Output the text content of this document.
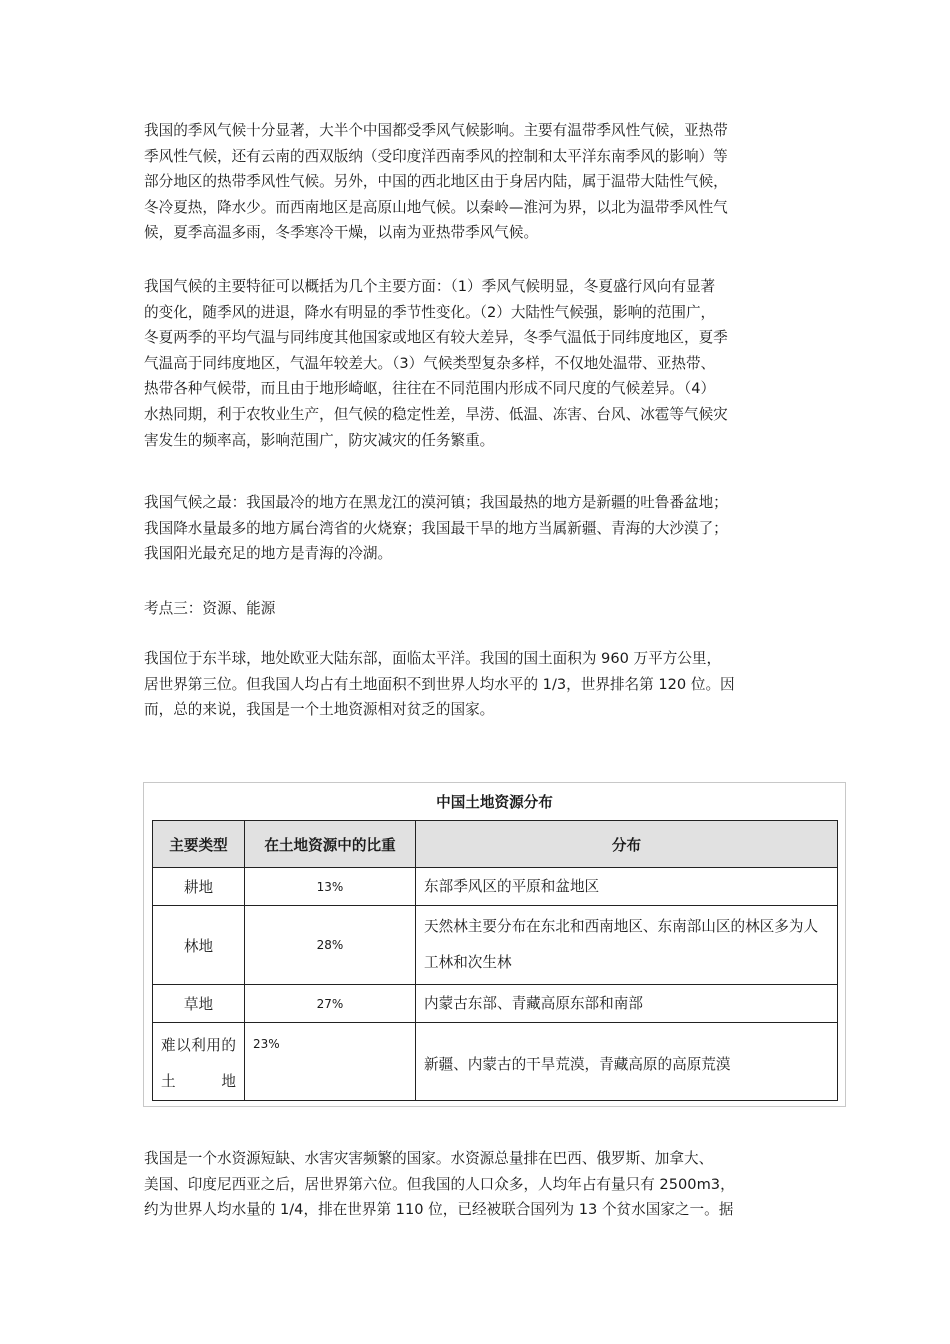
我国的季风气候十分显著，大半个中国都受季风气候影响。主要有温带季风性气候，亚热带
季风性气候，还有云南的西双版纳（受印度洋西南季风的控制和太平洋东南季风的影响）等
部分地区的热带季风性气候。另外，中国的西北地区由于身居内陆，属于温带大陆性气候，
冬冷夏热，降水少。而西南地区是高原山地气候。以秦岭—淮河为界，以北为温带季风性气
候，夏季高温多雨，冬季寒冷干燥，以南为亚热带季风气候。
我国气候的主要特征可以概括为几个主要方面：（1）季风气候明显，冬夏盛行风向有显著
的变化，随季风的进退，降水有明显的季节性变化。（2）大陆性气候强，影响的范围广，
冬夏两季的平均气温与同纬度其他国家或地区有较大差异，冬季气温低于同纬度地区，夏季
气温高于同纬度地区，气温年较差大。（3）气候类型复杂多样，不仅地处温带、亚热带、
热带各种气候带，而且由于地形崎岖，往往在不同范围内形成不同尺度的气候差异。（4）
水热同期，利于农牧业生产，但气候的稳定性差，旱涝、低温、冻害、台风、冰雹等气候灾
害发生的频率高，影响范围广，防灾减灾的任务繁重。
我国气候之最：我国最冷的地方在黑龙江的漠河镇；我国最热的地方是新疆的吐鲁番盆地；
我国降水量最多的地方属台湾省的火烧寮；我国最干旱的地方当属新疆、青海的大沙漠了；
我国阳光最充足的地方是青海的冷湖。
考点三：资源、能源
我国位于东半球，地处欧亚大陆东部，面临太平洋。我国的国土面积为 960 万平方公里，
居世界第三位。但我国人均占有土地面积不到世界人均水平的 1/3，世界排名第 120 位。因
而，总的来说，我国是一个土地资源相对贫乏的国家。
中国土地资源分布
主要类型	在土地资源中的比重	分布
耕地	13%	东部季风区的平原和盆地区
林地	28%	天然林主要分布在东北和西南地区、东南部山区的林区多为人工林和次生林
草地	27%	内蒙古东部、青藏高原东部和南部
难以利用的土地	23%	新疆、内蒙古的干旱荒漠，青藏高原的高原荒漠
我国是一个水资源短缺、水害灾害频繁的国家。水资源总量排在巴西、俄罗斯、加拿大、
美国、印度尼西亚之后，居世界第六位。但我国的人口众多，人均年占有量只有 2500m3，
约为世界人均水量的 1/4，排在世界第 110 位，已经被联合国列为 13 个贫水国家之一。据
